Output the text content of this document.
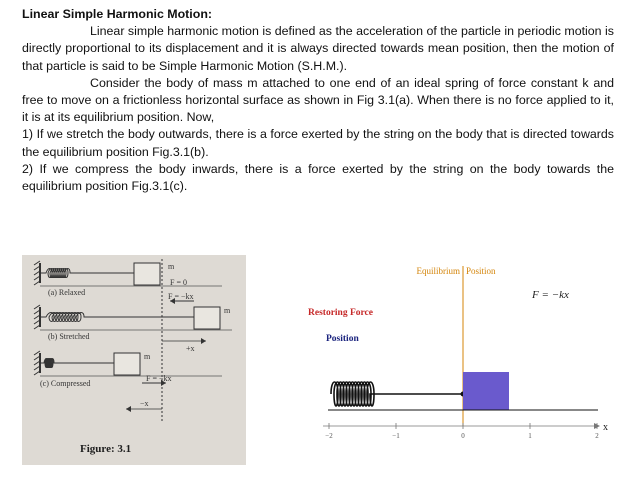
Linear Simple Harmonic Motion:

Linear simple harmonic motion is defined as the acceleration of the particle in periodic motion is directly proportional to its displacement and it is always directed towards mean position, then the motion of that particle is said to be Simple Harmonic Motion (S.H.M.).

Consider the body of mass m attached to one end of an ideal spring of force constant k and free to move on a frictionless horizontal surface as shown in Fig 3.1(a). When there is no force applied to it, it is at its equilibrium position. Now,

1) If we stretch the body outwards, there is a force exerted by the string on the body that is directed towards the equilibrium position Fig.3.1(b).

2) If we compress the body inwards, there is a force exerted by the string on the body towards the equilibrium position Fig.3.1(c).

(a) Relaxed
(b) Stretched
(c) Compressed
F = 0
F = −kx
F = −kx
m
m
m
+x
−x
Figure: 3.1
Equilibrium Position
F = −kx
Restoring Force
Position
x
−2	−1	0	1	2
